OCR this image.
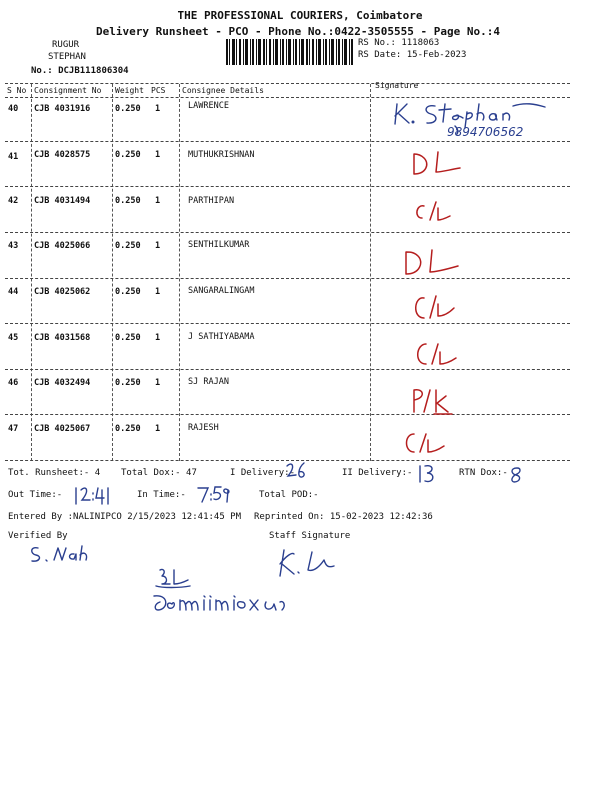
THE PROFESSIONAL COURIERS, Coimbatore
Delivery Runsheet - PCO - Phone No.:0422-3505555 - Page No.:4
RUGUR
STEPHAN
No.: DCJB111806304
RS No.: 1118063
RS Date: 15-Feb-2023
S No Consignment No Weight PCS Consignee Details
Signature
40 CJB 4031916	0.250 1	LAWRENCE
41 CJB 4028575	0.250 1	MUTHUKRISHNAN
42 CJB 4031494	0.250 1	PARTHIPAN
43 CJB 4025066	0.250 1	SENTHILKUMAR
44 CJB 4025062	0.250 1	SANGARALINGAM
45 CJB 4031568	0.250 1	J SATHIYABAMA
46 CJB 4032494	0.250 1	SJ RAJAN
47 CJB 4025067	0.250 1	RAJESH
9894706562
Tot. Runsheet:- 4 Total Dox:- 47	I Delivery:-	II Delivery:-	RTN Dox:-
Out Time:-	In Time:-	Total POD:-
Entered By :NALINIPCO 2/15/2023 12:41:45 PM Reprinted On: 15-02-2023 12:42:36
Verified By	Staff Signature
